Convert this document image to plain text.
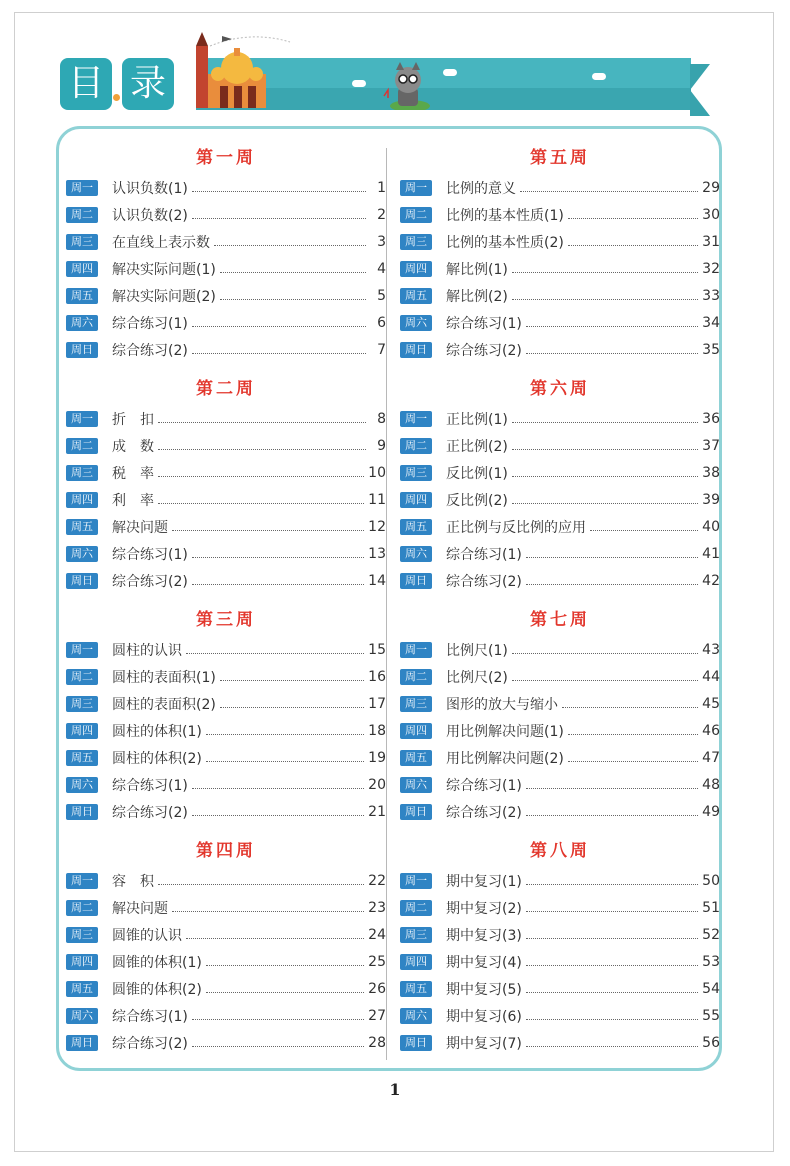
目 录
第一周
周一	认识负数(1)	1
周二	认识负数(2)	2
周三	在直线上表示数	3
周四	解决实际问题(1)	4
周五	解决实际问题(2)	5
周六	综合练习(1)	6
周日	综合练习(2)	7
第二周
周一	折　扣	8
周二	成　数	9
周三	税　率	10
周四	利　率	11
周五	解决问题	12
周六	综合练习(1)	13
周日	综合练习(2)	14
第三周
周一	圆柱的认识	15
周二	圆柱的表面积(1)	16
周三	圆柱的表面积(2)	17
周四	圆柱的体积(1)	18
周五	圆柱的体积(2)	19
周六	综合练习(1)	20
周日	综合练习(2)	21
第四周
周一	容　积	22
周二	解决问题	23
周三	圆锥的认识	24
周四	圆锥的体积(1)	25
周五	圆锥的体积(2)	26
周六	综合练习(1)	27
周日	综合练习(2)	28
第五周
周一	比例的意义	29
周二	比例的基本性质(1)	30
周三	比例的基本性质(2)	31
周四	解比例(1)	32
周五	解比例(2)	33
周六	综合练习(1)	34
周日	综合练习(2)	35
第六周
周一	正比例(1)	36
周二	正比例(2)	37
周三	反比例(1)	38
周四	反比例(2)	39
周五	正比例与反比例的应用	40
周六	综合练习(1)	41
周日	综合练习(2)	42
第七周
周一	比例尺(1)	43
周二	比例尺(2)	44
周三	图形的放大与缩小	45
周四	用比例解决问题(1)	46
周五	用比例解决问题(2)	47
周六	综合练习(1)	48
周日	综合练习(2)	49
第八周
周一	期中复习(1)	50
周二	期中复习(2)	51
周三	期中复习(3)	52
周四	期中复习(4)	53
周五	期中复习(5)	54
周六	期中复习(6)	55
周日	期中复习(7)	56
1
